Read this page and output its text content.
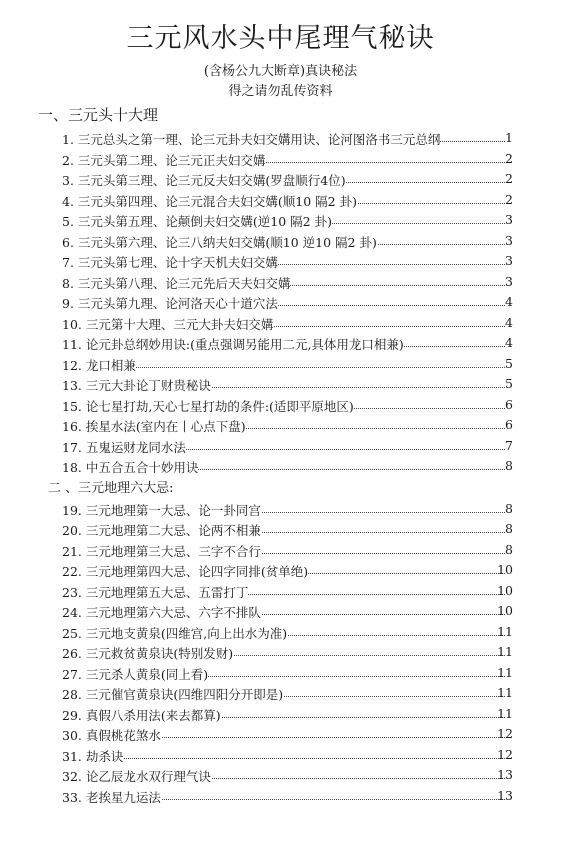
三元风水头中尾理气秘诀
(含杨公九大断章)真诀秘法
得之请勿乱传资料
一、三元头十大理
二 、三元地理六大忌:
1. 三元总头之第一理、论三元卦夫妇交媾用诀、论河图洛书三元总纲	1
2. 三元头第二理、论三元正夫妇交媾	2
3. 三元头第三理、论三元反夫妇交媾(罗盘顺行4位)	2
4. 三元头第四理、论三元混合夫妇交媾(顺10 隔2 卦)	2
5. 三元头第五理、论颠倒夫妇交媾(逆10 隔2 卦)	3
6. 三元头第六理、论三八纳夫妇交媾(顺10 逆10 隔2 卦)	3
7. 三元头第七理、论十字天机夫妇交媾	3
8. 三元头第八理、论三元先后天夫妇交媾	3
9. 三元头第九理、论河洛天心十道穴法	4
10. 三元第十大理、三元大卦夫妇交媾	4
11. 论元卦总纲妙用诀:(重点强调另能用二元,具体用龙口相兼)	4
12. 龙口相兼	5
13. 三元大卦论丁财贵秘诀	5
15. 论七星打劫,天心七星打劫的条件:(适即平原地区)	6
16. 挨星水法(室内在丨心点下盘)	6
17. 五鬼运财龙同水法	7
18. 中五合五合十妙用诀	8
19. 三元地理第一大忌、论一卦同宫	8
20. 三元地理第二大忌、论两不相兼	8
21. 三元地理第三大忌、三字不合行	8
22. 三元地理第四大忌、论四字同排(贫单绝)	10
23. 三元地理第五大忌、五雷打丁	10
24. 三元地理第六大忌、六字不排队	10
25. 三元地支黄泉(四维宫,向上出水为准)	11
26. 三元救贫黄泉诀(特别发财)	11
27. 三元杀人黄泉(同上看)	11
28. 三元催官黄泉诀(四维四阳分开即是)	11
29. 真假八杀用法(来去都算)	11
30. 真假桃花煞水	12
31. 劫杀诀	12
32. 论乙辰龙水双行理气诀	13
33. 老挨星九运法	13
